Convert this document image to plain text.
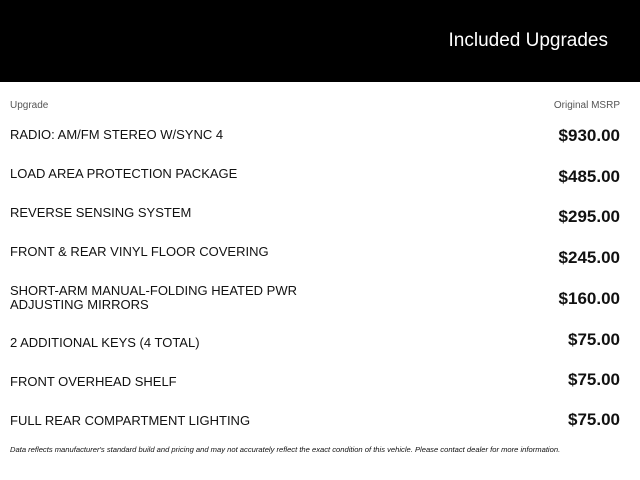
Included Upgrades
Upgrade	Original MSRP
RADIO: AM/FM STEREO W/SYNC 4	$930.00
LOAD AREA PROTECTION PACKAGE	$485.00
REVERSE SENSING SYSTEM	$295.00
FRONT & REAR VINYL FLOOR COVERING	$245.00
SHORT-ARM MANUAL-FOLDING HEATED PWR ADJUSTING MIRRORS	$160.00
2 ADDITIONAL KEYS (4 TOTAL)	$75.00
FRONT OVERHEAD SHELF	$75.00
FULL REAR COMPARTMENT LIGHTING	$75.00
Data reflects manufacturer's standard build and pricing and may not accurately reflect the exact condition of this vehicle. Please contact dealer for more information.
